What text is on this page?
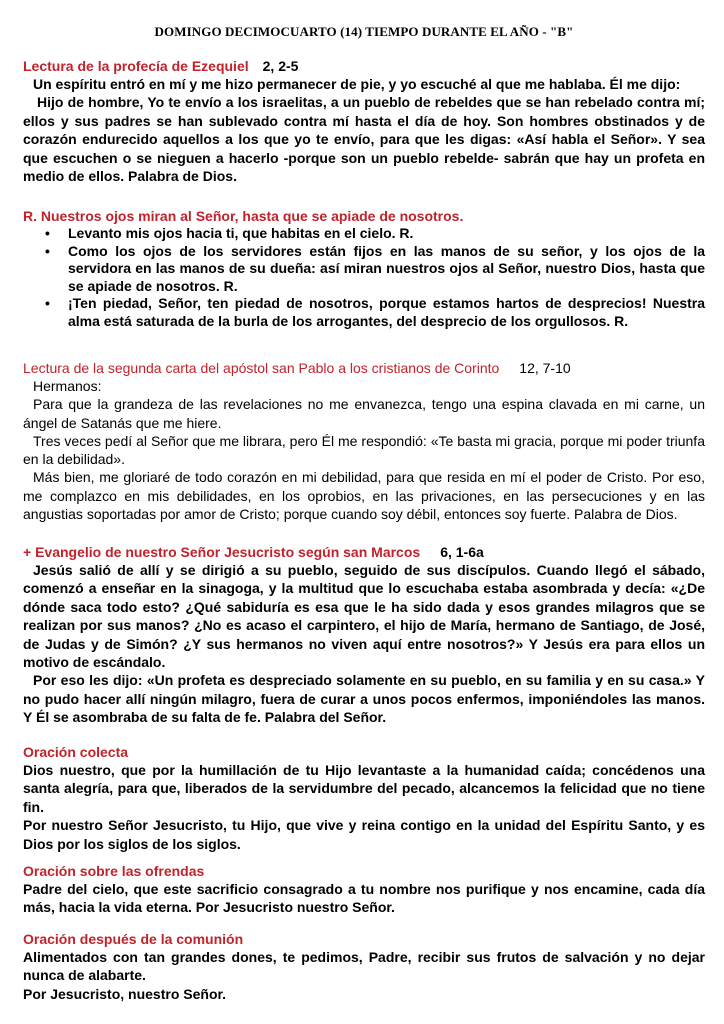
DOMINGO DECIMOCUARTO (14) TIEMPO DURANTE EL AÑO - "B"
Lectura de la profecía de Ezequiel 2, 2-5

Un espíritu entró en mí y me hizo permanecer de pie, y yo escuché al que me hablaba. Él me dijo:

Hijo de hombre, Yo te envío a los israelitas, a un pueblo de rebeldes que se han rebelado contra mí; ellos y sus padres se han sublevado contra mí hasta el día de hoy. Son hombres obstinados y de corazón endurecido aquellos a los que yo te envío, para que les digas: «Así habla el Señor». Y sea que escuchen o se nieguen a hacerlo -porque son un pueblo rebelde- sabrán que hay un profeta en medio de ellos. Palabra de Dios.

R. Nuestros ojos miran al Señor, hasta que se apiade de nosotros.
• Levanto mis ojos hacia ti, que habitas en el cielo. R.
• Como los ojos de los servidores están fijos en las manos de su señor, y los ojos de la servidora en las manos de su dueña: así miran nuestros ojos al Señor, nuestro Dios, hasta que se apiade de nosotros. R.
• ¡Ten piedad, Señor, ten piedad de nosotros, porque estamos hartos de desprecios! Nuestra alma está saturada de la burla de los arrogantes, del desprecio de los orgullosos. R.
Lectura de la segunda carta del apóstol san Pablo a los cristianos de Corinto 12, 7-10

Hermanos:

Para que la grandeza de las revelaciones no me envanezca, tengo una espina clavada en mi carne, un ángel de Satanás que me hiere.

Tres veces pedí al Señor que me librara, pero Él me respondió: «Te basta mi gracia, porque mi poder triunfa en la debilidad».

Más bien, me gloriaré de todo corazón en mi debilidad, para que resida en mí el poder de Cristo. Por eso, me complazco en mis debilidades, en los oprobios, en las privaciones, en las persecuciones y en las angustias soportadas por amor de Cristo; porque cuando soy débil, entonces soy fuerte. Palabra de Dios.

+ Evangelio de nuestro Señor Jesucristo según san Marcos 6, 1-6a

Jesús salió de allí y se dirigió a su pueblo, seguido de sus discípulos. Cuando llegó el sábado, comenzó a enseñar en la sinagoga, y la multitud que lo escuchaba estaba asombrada y decía: «¿De dónde saca todo esto? ¿Qué sabiduría es esa que le ha sido dada y esos grandes milagros que se realizan por sus manos? ¿No es acaso el carpintero, el hijo de María, hermano de Santiago, de José, de Judas y de Simón? ¿Y sus hermanos no viven aquí entre nosotros?» Y Jesús era para ellos un motivo de escándalo.

Por eso les dijo: «Un profeta es despreciado solamente en su pueblo, en su familia y en su casa.» Y no pudo hacer allí ningún milagro, fuera de curar a unos pocos enfermos, imponiéndoles las manos. Y Él se asombraba de su falta de fe. Palabra del Señor.

Oración colecta

Dios nuestro, que por la humillación de tu Hijo levantaste a la humanidad caída; concédenos una santa alegría, para que, liberados de la servidumbre del pecado, alcancemos la felicidad que no tiene fin.

Por nuestro Señor Jesucristo, tu Hijo, que vive y reina contigo en la unidad del Espíritu Santo, y es Dios por los siglos de los siglos.

Oración sobre las ofrendas

Padre del cielo, que este sacrificio consagrado a tu nombre nos purifique y nos encamine, cada día más, hacia la vida eterna. Por Jesucristo nuestro Señor.

Oración después de la comunión

Alimentados con tan grandes dones, te pedimos, Padre, recibir sus frutos de salvación y no dejar nunca de alabarte.

Por Jesucristo, nuestro Señor.
